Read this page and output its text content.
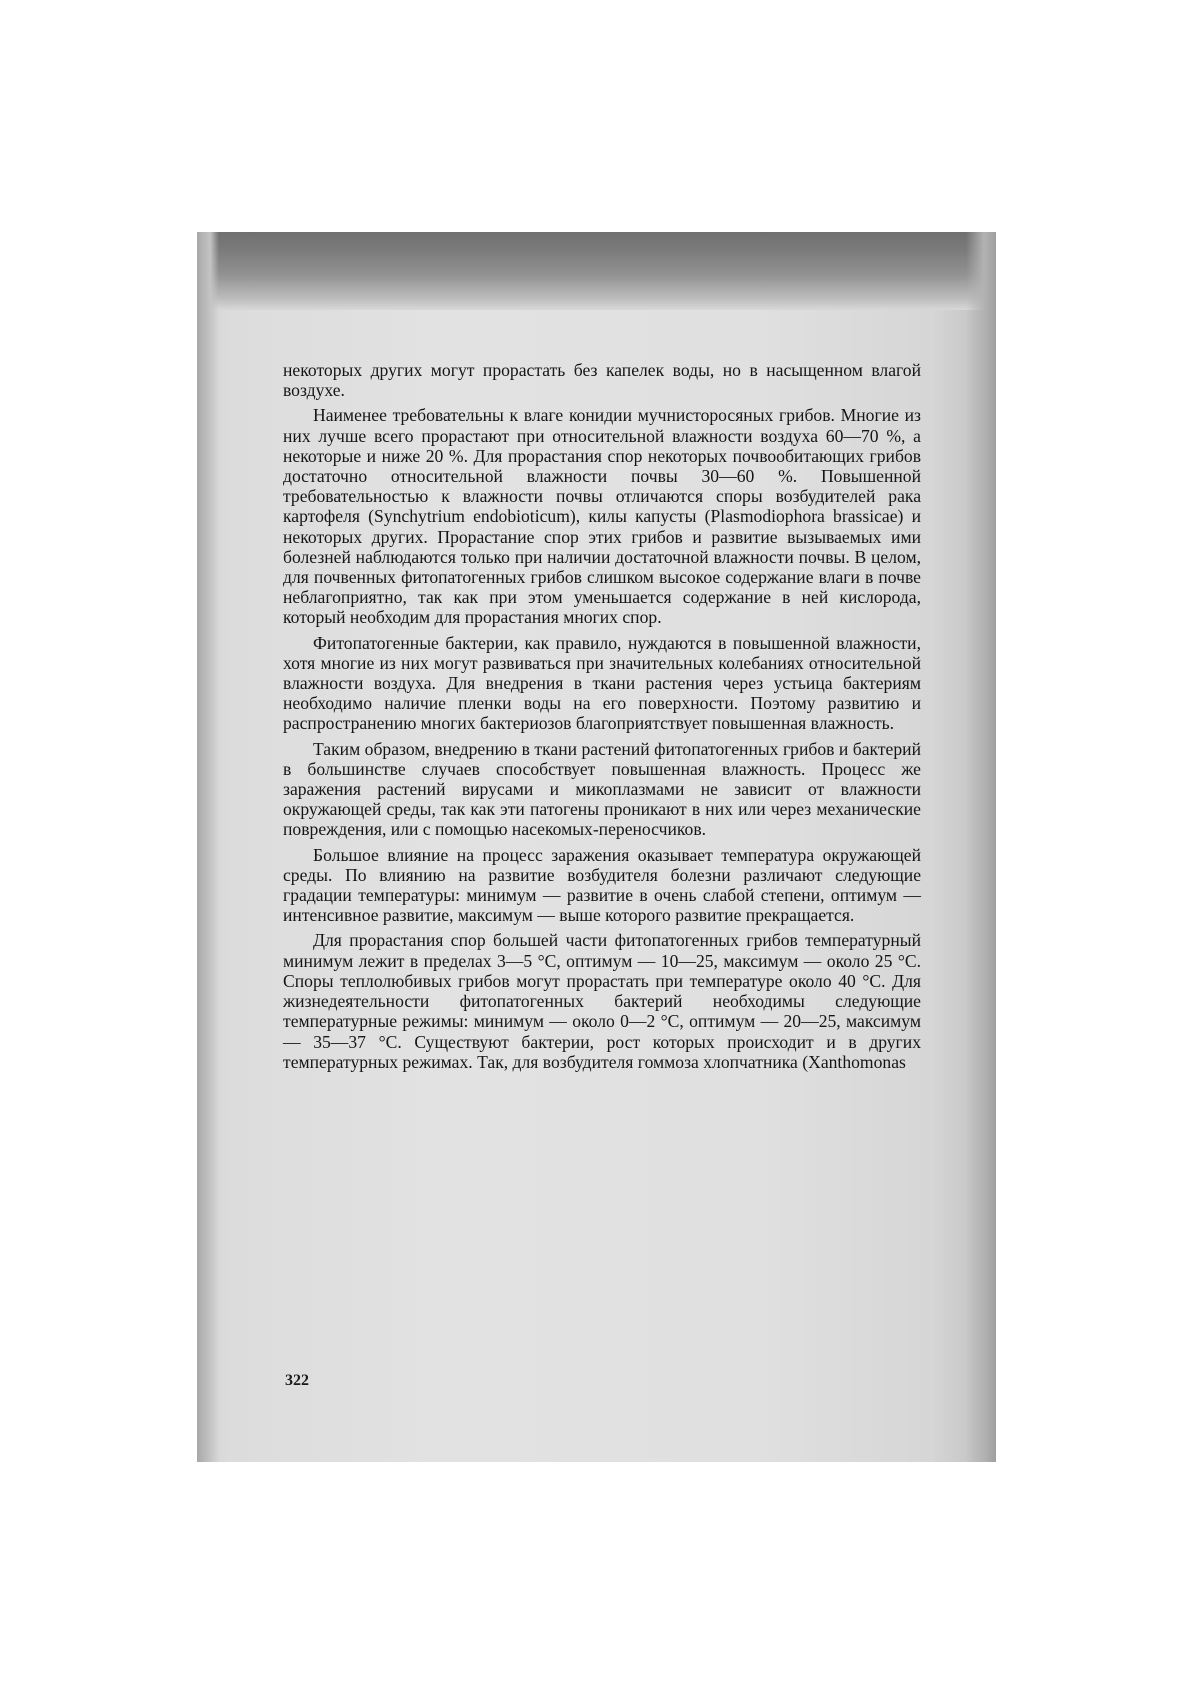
некоторых других могут прорастать без капелек воды, но в насыщенном влагой воздухе.

Наименее требовательны к влаге конидии мучнисторосяных грибов. Многие из них лучше всего прорастают при относительной влажности воздуха 60—70 %, а некоторые и ниже 20 %. Для прорастания спор некоторых почвообитающих грибов достаточно относительной влажности почвы 30—60 %. Повышенной требовательностью к влажности почвы отличаются споры возбудителей рака картофеля (Synchytrium endobioticum), килы капусты (Plasmodiophora brassicae) и некоторых других. Прорастание спор этих грибов и развитие вызываемых ими болезней наблюдаются только при наличии достаточной влажности почвы. В целом, для почвенных фитопатогенных грибов слишком высокое содержание влаги в почве неблагоприятно, так как при этом уменьшается содержание в ней кислорода, который необходим для прорастания многих спор.

Фитопатогенные бактерии, как правило, нуждаются в повышенной влажности, хотя многие из них могут развиваться при значительных колебаниях относительной влажности воздуха. Для внедрения в ткани растения через устьица бактериям необходимо наличие пленки воды на его поверхности. Поэтому развитию и распространению многих бактериозов благоприятствует повышенная влажность.

Таким образом, внедрению в ткани растений фитопатогенных грибов и бактерий в большинстве случаев способствует повышенная влажность. Процесс же заражения растений вирусами и микоплазмами не зависит от влажности окружающей среды, так как эти патогены проникают в них или через механические повреждения, или с помощью насекомых-переносчиков.

Большое влияние на процесс заражения оказывает температура окружающей среды. По влиянию на развитие возбудителя болезни различают следующие градации температуры: минимум — развитие в очень слабой степени, оптимум — интенсивное развитие, максимум — выше которого развитие прекращается.

Для прорастания спор большей части фитопатогенных грибов температурный минимум лежит в пределах 3—5 °С, оптимум — 10—25, максимум — около 25 °С. Споры теплолюбивых грибов могут прорастать при температуре около 40 °С. Для жизнедеятельности фитопатогенных бактерий необходимы следующие температурные режимы: минимум — около 0—2 °С, оптимум — 20—25, максимум — 35—37 °С. Существуют бактерии, рост которых происходит и в других температурных режимах. Так, для возбудителя гоммоза хлопчатника (Xanthomonas

322
